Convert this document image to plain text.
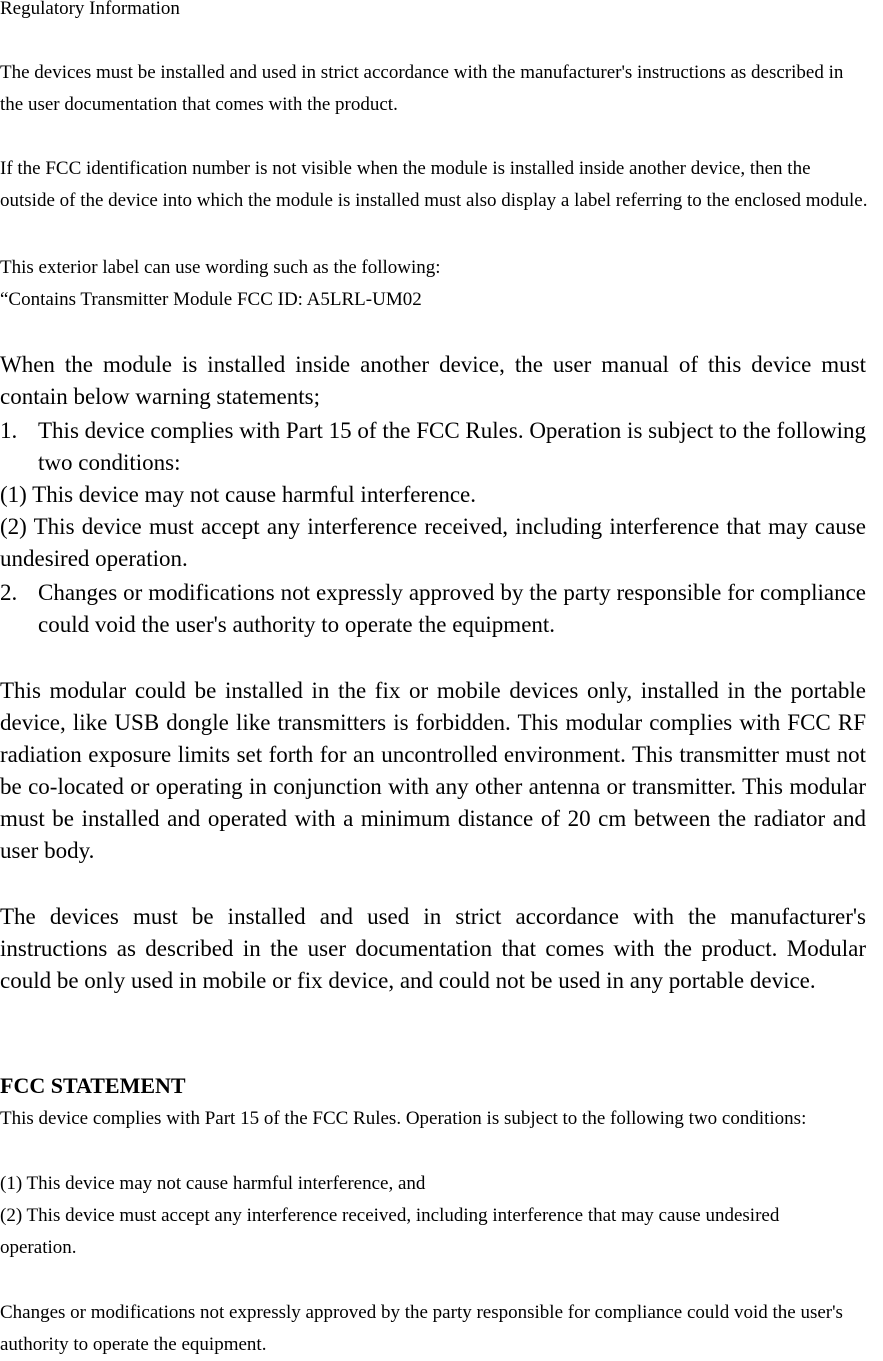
Regulatory Information

The devices must be installed and used in strict accordance with the manufacturer's instructions as described in the user documentation that comes with the product.

If the FCC identification number is not visible when the module is installed inside another device, then the outside of the device into which the module is installed must also display a label referring to the enclosed module.

This exterior label can use wording such as the following:

“Contains Transmitter Module FCC ID: A5LRL-UM02

When the module is installed inside another device, the user manual of this device must contain below warning statements;

1. This device complies with Part 15 of the FCC Rules. Operation is subject to the following two conditions:

(1) This device may not cause harmful interference.

(2) This device must accept any interference received, including interference that may cause undesired operation.

2. Changes or modifications not expressly approved by the party responsible for compliance could void the user's authority to operate the equipment.

This modular could be installed in the fix or mobile devices only, installed in the portable device, like USB dongle like transmitters is forbidden. This modular complies with FCC RF radiation exposure limits set forth for an uncontrolled environment. This transmitter must not be co-located or operating in conjunction with any other antenna or transmitter. This modular must be installed and operated with a minimum distance of 20 cm between the radiator and user body.

The devices must be installed and used in strict accordance with the manufacturer's instructions as described in the user documentation that comes with the product. Modular could be only used in mobile or fix device, and could not be used in any portable device.

FCC STATEMENT

This device complies with Part 15 of the FCC Rules. Operation is subject to the following two conditions:

(1) This device may not cause harmful interference, and

(2) This device must accept any interference received, including interference that may cause undesired operation.

Changes or modifications not expressly approved by the party responsible for compliance could void the user's authority to operate the equipment.
